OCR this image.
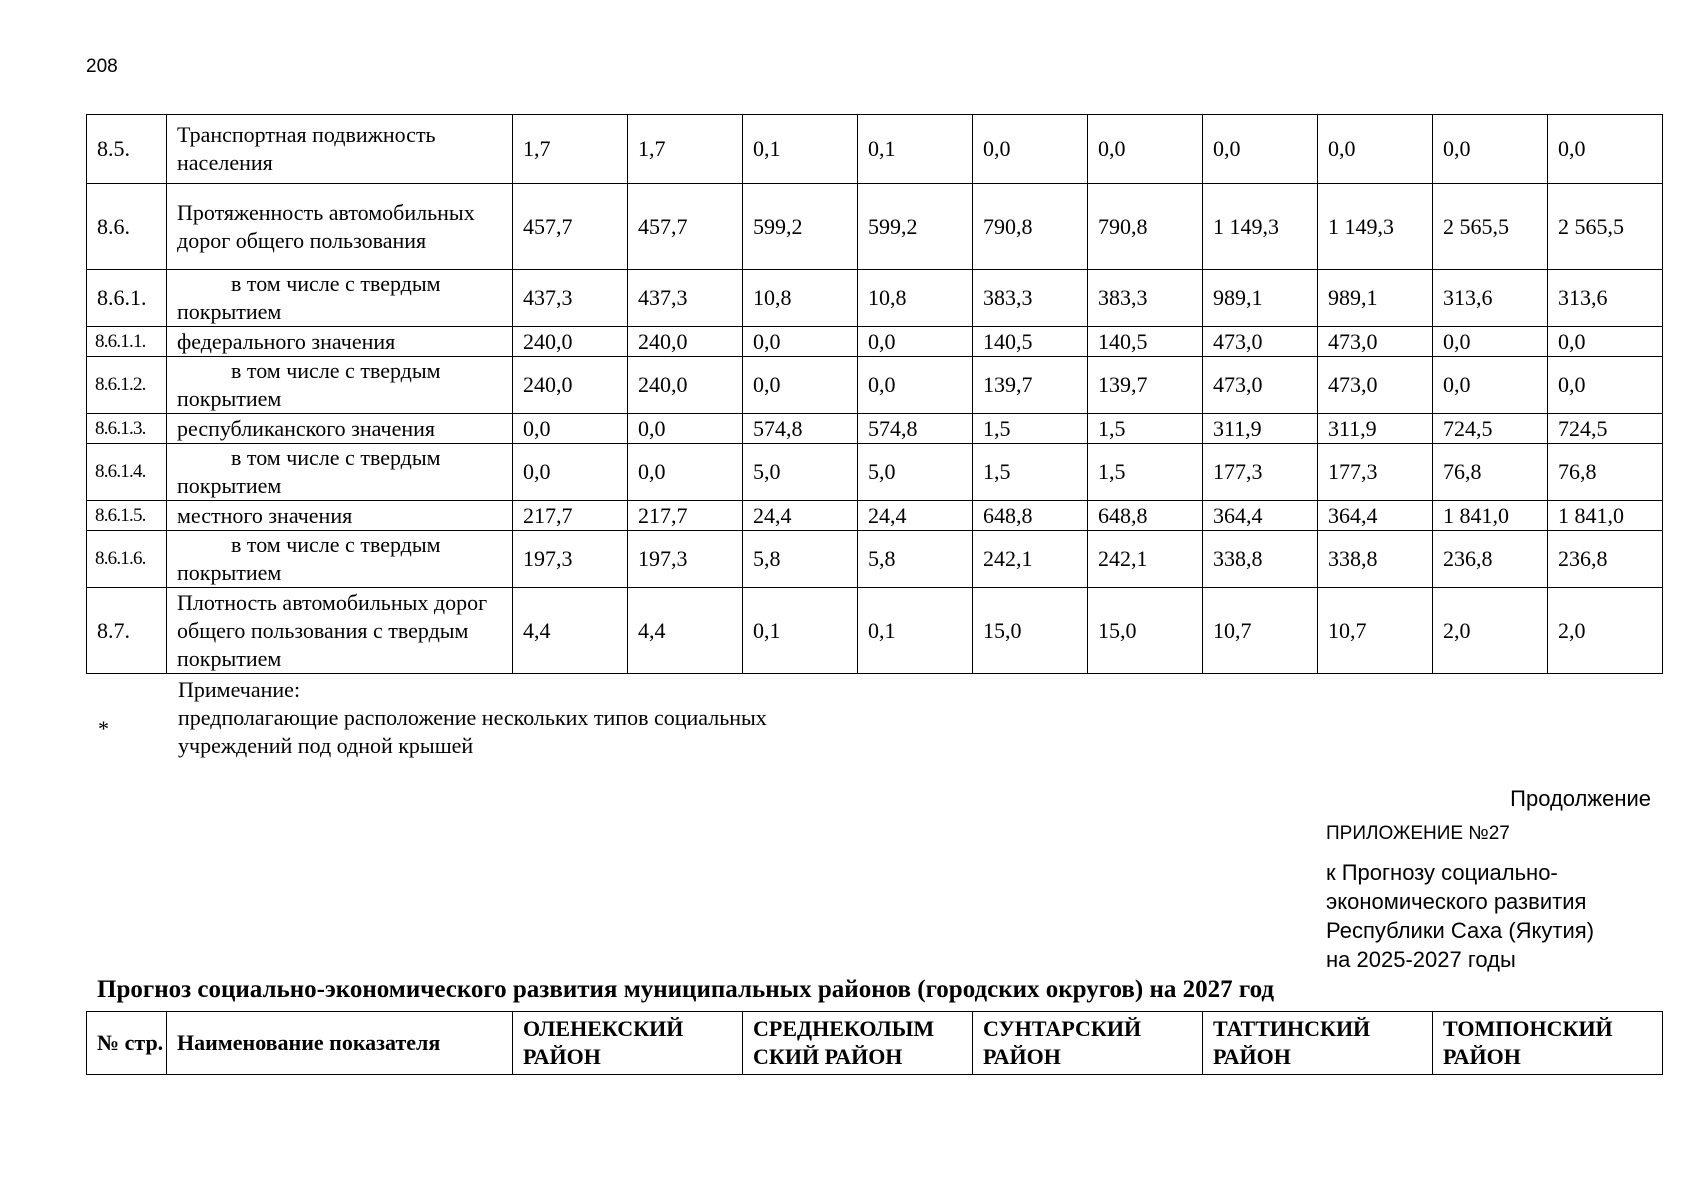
208
8.5.	Транспортная подвижность населения	1,7	1,7	0,1	0,1	0,0	0,0	0,0	0,0	0,0	0,0
8.6.	Протяженность автомобильных дорог общего пользования	457,7	457,7	599,2	599,2	790,8	790,8	1 149,3	1 149,3	2 565,5	2 565,5
8.6.1.	в том числе с твердым покрытием	437,3	437,3	10,8	10,8	383,3	383,3	989,1	989,1	313,6	313,6
8.6.1.1.	федерального значения	240,0	240,0	0,0	0,0	140,5	140,5	473,0	473,0	0,0	0,0
8.6.1.2.	в том числе с твердым покрытием	240,0	240,0	0,0	0,0	139,7	139,7	473,0	473,0	0,0	0,0
8.6.1.3.	республиканского значения	0,0	0,0	574,8	574,8	1,5	1,5	311,9	311,9	724,5	724,5
8.6.1.4.	в том числе с твердым покрытием	0,0	0,0	5,0	5,0	1,5	1,5	177,3	177,3	76,8	76,8
8.6.1.5.	местного значения	217,7	217,7	24,4	24,4	648,8	648,8	364,4	364,4	1 841,0	1 841,0
8.6.1.6.	в том числе с твердым покрытием	197,3	197,3	5,8	5,8	242,1	242,1	338,8	338,8	236,8	236,8
8.7.	Плотность автомобильных дорог общего пользования с твердым покрытием	4,4	4,4	0,1	0,1	15,0	15,0	10,7	10,7	2,0	2,0
Примечание:
предполагающие расположение нескольких типов социальных
учреждений под одной крышей
*
Продолжение
ПРИЛОЖЕНИЕ №27
к Прогнозу социально-
экономического развития
Республики Саха (Якутия)
на 2025-2027 годы
Прогноз социально-экономического развития муниципальных районов (городских округов) на 2027 год
№ стр.	Наименование показателя	ОЛЕНЕКСКИЙ РАЙОН	СРЕДНЕКОЛЫМ СКИЙ РАЙОН	СУНТАРСКИЙ РАЙОН	ТАТТИНСКИЙ РАЙОН	ТОМПОНСКИЙ РАЙОН
